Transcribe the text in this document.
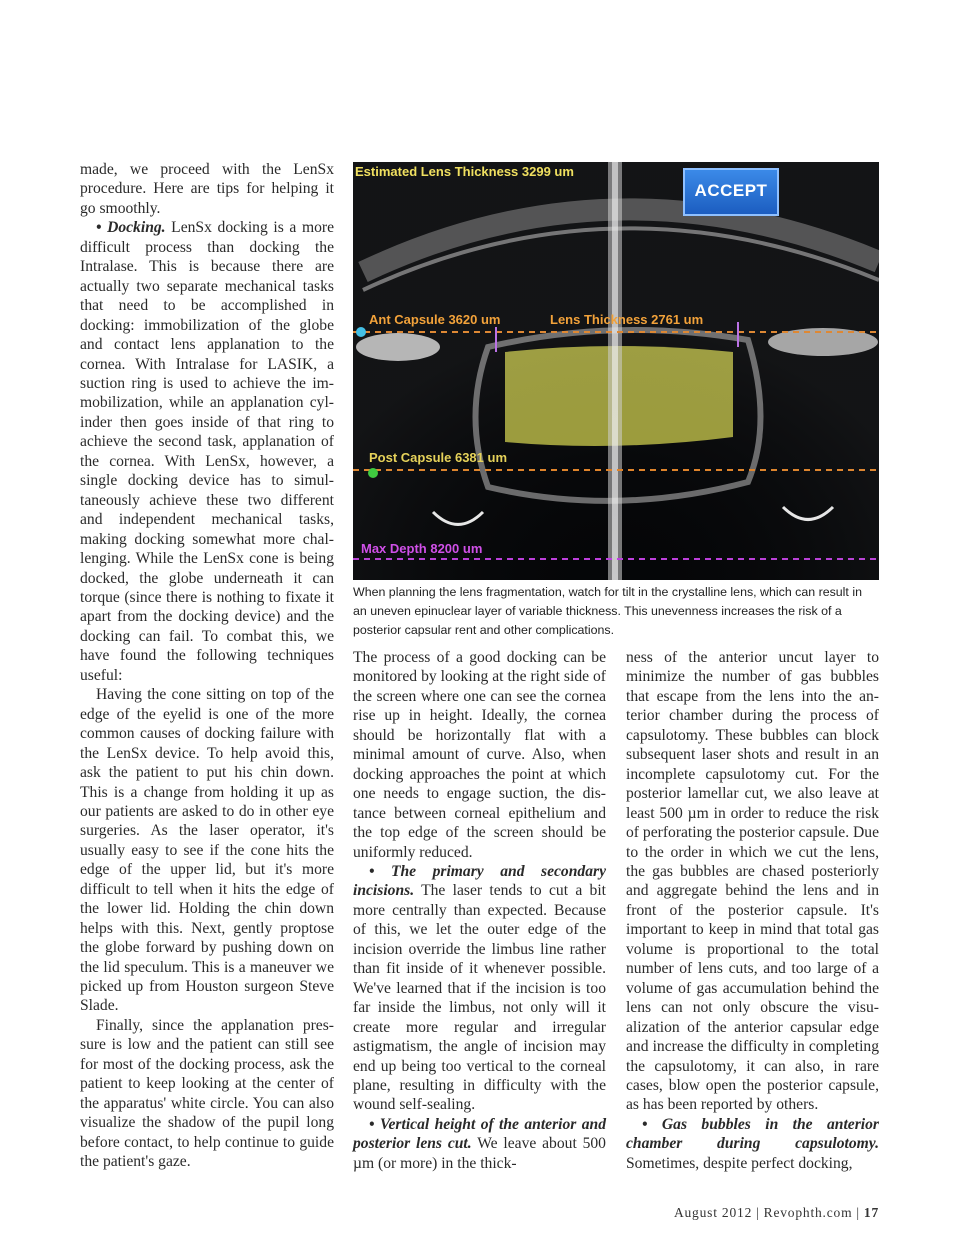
made, we proceed with the LenSx procedure. Here are tips for helping it go smoothly.

• Docking. LenSx docking is a more difficult process than docking the Intralase. This is because there are actually two separate mechanical tasks that need to be accomplished in docking: immobilization of the globe and contact lens applanation to the cornea. With Intralase for LASIK, a suction ring is used to achieve the immobilization, while an applanation cylinder then goes inside of that ring to achieve the second task, applanation of the cornea. With LenSx, however, a single docking device has to simultaneously achieve these two different and independent mechanical tasks, making docking somewhat more challenging. While the LenSx cone is being docked, the globe underneath it can torque (since there is nothing to fixate it apart from the docking device) and the docking can fail. To combat this, we have found the following techniques useful:

Having the cone sitting on top of the edge of the eyelid is one of the more common causes of docking failure with the LenSx device. To help avoid this, ask the patient to put his chin down. This is a change from holding it up as our patients are asked to do in other eye surgeries. As the laser operator, it's usually easy to see if the cone hits the edge of the upper lid, but it's more difficult to tell when it hits the edge of the lower lid. Holding the chin down helps with this. Next, gently proptose the globe forward by pushing down on the lid speculum. This is a maneuver we picked up from Houston surgeon Steve Slade.

Finally, since the applanation pressure is low and the patient can still see for most of the docking process, ask the patient to keep looking at the center of the apparatus' white circle. You can also visualize the shadow of the pupil long before contact, to help continue to guide the patient's gaze.

Estimated Lens Thickness 3299 um
ACCEPT
Ant Capsule 3620 um	Lens Thickness 2761 um
Post Capsule 6381 um
Max Depth 8200 um
When planning the lens fragmentation, watch for tilt in the crystalline lens, which can result in an uneven epinuclear layer of variable thickness. This unevenness increases the risk of a posterior capsular rent and other complications.

The process of a good docking can be monitored by looking at the right side of the screen where one can see the cornea rise up in height. Ideally, the cornea should be horizontally flat with a minimal amount of curve. Also, when docking approaches the point at which one needs to engage suction, the distance between corneal epithelium and the top edge of the screen should be uniformly reduced.

• The primary and secondary incisions. The laser tends to cut a bit more centrally than expected. Because of this, we let the outer edge of the incision override the limbus line rather than fit inside of it whenever possible. We've learned that if the incision is too far inside the limbus, not only will it create more regular and irregular astigmatism, the angle of incision may end up being too vertical to the corneal plane, resulting in difficulty with the wound self-sealing.

• Vertical height of the anterior and posterior lens cut. We leave about 500 µm (or more) in the thick-

ness of the anterior uncut layer to minimize the number of gas bubbles that escape from the lens into the anterior chamber during the process of capsulotomy. These bubbles can block subsequent laser shots and result in an incomplete capsulotomy cut. For the posterior lamellar cut, we also leave at least 500 µm in order to reduce the risk of perforating the posterior capsule. Due to the order in which we cut the lens, the gas bubbles are chased posteriorly and aggregate behind the lens and in front of the posterior capsule. It's important to keep in mind that total gas volume is proportional to the total number of lens cuts, and too large of a volume of gas accumulation behind the lens can not only obscure the visualization of the anterior capsular edge and increase the difficulty in completing the capsulotomy, it can also, in rare cases, blow open the posterior capsule, as has been reported by others.

• Gas bubbles in the anterior chamber during capsulotomy. Sometimes, despite perfect docking,

August 2012 | Revophth.com | 17
